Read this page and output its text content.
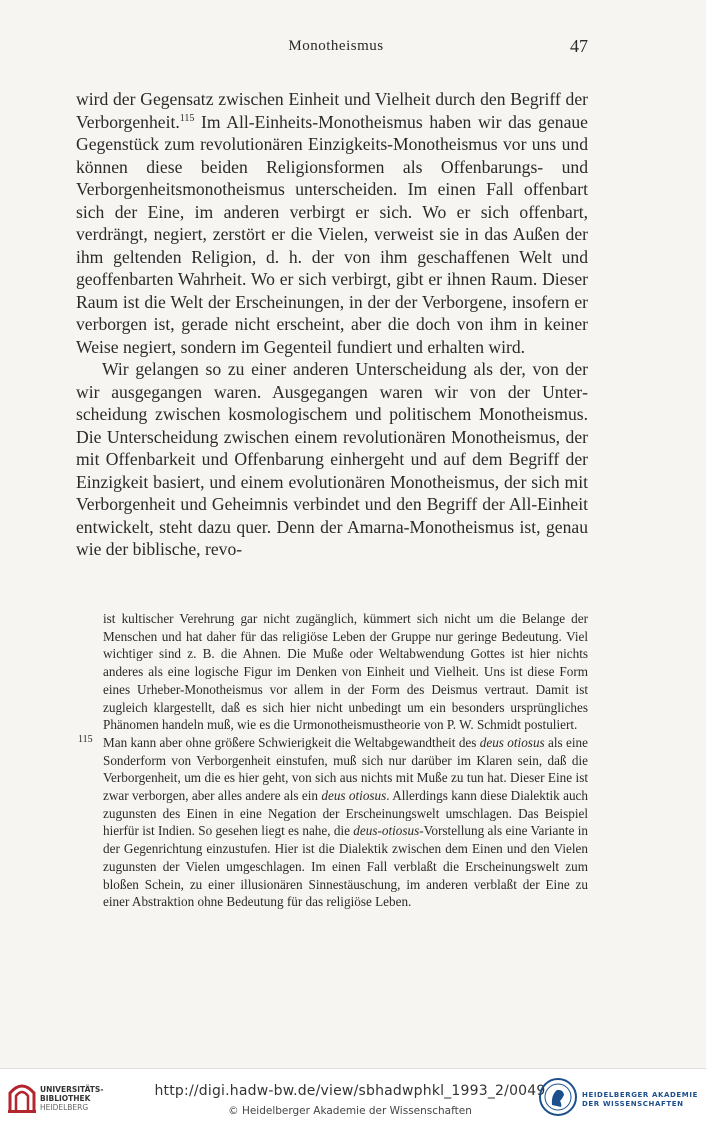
Monotheismus	47

wird der Gegensatz zwischen Einheit und Vielheit durch den Begriff der Verborgenheit.$^{115}$ Im All-Einheits-Monotheismus haben wir das genaue Gegenstück zum revolutionären Einzigkeits-Monotheismus vor uns und können diese beiden Religionsformen als Offenbarungs- und Verborgenheitsmonotheismus unterscheiden. Im einen Fall offenbart sich der Eine, im anderen verbirgt er sich. Wo er sich offenbart, verdrängt, negiert, zerstört er die Vielen, verweist sie in das Außen der ihm geltenden Religion, d. h. der von ihm geschaffenen Welt und geoffenbarten Wahrheit. Wo er sich verbirgt, gibt er ihnen Raum. Dieser Raum ist die Welt der Erscheinungen, in der der Verborgene, insofern er verborgen ist, gerade nicht erscheint, aber die doch von ihm in keiner Weise negiert, sondern im Gegenteil fundiert und erhalten wird.

Wir gelangen so zu einer anderen Unterscheidung als der, von der wir ausgegangen waren. Ausgegangen waren wir von der Unterscheidung zwischen kosmologischem und politischem Monotheismus. Die Unterscheidung zwischen einem revolutionären Monotheismus, der mit Offenbarkeit und Offenbarung einhergeht und auf dem Begriff der Einzigkeit basiert, und einem evolutionären Monotheismus, der sich mit Verborgenheit und Geheimnis verbindet und den Begriff der All-Einheit entwickelt, steht dazu quer. Denn der Amarna-Monotheismus ist, genau wie der biblische, revo-

ist kultischer Verehrung gar nicht zugänglich, kümmert sich nicht um die Belange der Menschen und hat daher für das religiöse Leben der Gruppe nur geringe Bedeutung. Viel wichtiger sind z. B. die Ahnen. Die Muße oder Weltabwendung Gottes ist hier nichts anderes als eine logische Figur im Denken von Einheit und Vielheit. Uns ist diese Form eines Urheber-Monotheismus vor allem in der Form des Deismus vertraut. Damit ist zugleich klargestellt, daß es sich hier nicht unbedingt um ein besonders ursprüngliches Phänomen handeln muß, wie es die Urmonotheismustheorie von P. W. Schmidt postuliert.

115 Man kann aber ohne größere Schwierigkeit die Weltabgewandtheit des deus otiosus als eine Sonderform von Verborgenheit einstufen, muß sich nur darüber im Klaren sein, daß die Verborgenheit, um die es hier geht, von sich aus nichts mit Muße zu tun hat. Dieser Eine ist zwar verborgen, aber alles andere als ein deus otiosus. Allerdings kann diese Dialektik auch zugunsten des Einen in eine Negation der Erscheinungswelt umschlagen. Das Beispiel hierfür ist Indien. So gesehen liegt es nahe, die deus-otiosus-Vorstellung als eine Variante in der Gegenrichtung einzustufen. Hier ist die Dialektik zwischen dem Einen und den Vielen zugunsten der Vielen umgeschlagen. Im einen Fall verblaßt die Erscheinungswelt zum bloßen Schein, zu einer illusionären Sinnestäuschung, im anderen verblaßt der Eine zu einer Abstraktion ohne Bedeutung für das religiöse Leben.

UNIVERSITÄTS-
BIBLIOTHEK
HEIDELBERG
http://digi.hadw-bw.de/view/sbhadwphkl_1993_2/0049
© Heidelberger Akademie der Wissenschaften
HEIDELBERGER AKADEMIE
DER WISSENSCHAFTEN
